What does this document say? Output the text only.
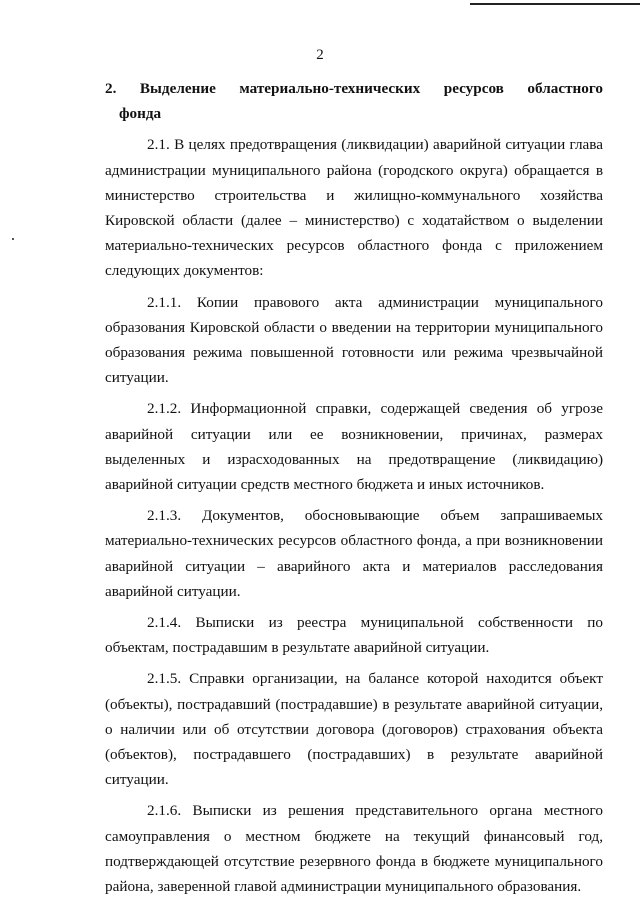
2
2. Выделение материально-технических ресурсов областного
фонда

2.1. В целях предотвращения (ликвидации) аварийной ситуации глава администрации муниципального района (городского округа) обращается в министерство строительства и жилищно-коммунального хозяйства Кировской области (далее – министерство) с ходатайством о выделении материально-технических ресурсов областного фонда с приложением следующих документов:

2.1.1. Копии правового акта администрации муниципального образования Кировской области о введении на территории муниципального образования режима повышенной готовности или режима чрезвычайной ситуации.

2.1.2. Информационной справки, содержащей сведения об угрозе аварийной ситуации или ее возникновении, причинах, размерах выделенных и израсходованных на предотвращение (ликвидацию) аварийной ситуации средств местного бюджета и иных источников.

2.1.3. Документов, обосновывающие объем запрашиваемых материально-технических ресурсов областного фонда, а при возникновении аварийной ситуации – аварийного акта и материалов расследования аварийной ситуации.

2.1.4. Выписки из реестра муниципальной собственности по объектам, пострадавшим в результате аварийной ситуации.

2.1.5. Справки организации, на балансе которой находится объект (объекты), пострадавший (пострадавшие) в результате аварийной ситуации, о наличии или об отсутствии договора (договоров) страхования объекта (объектов), пострадавшего (пострадавших) в результате аварийной ситуации.

2.1.6. Выписки из решения представительного органа местного самоуправления о местном бюджете на текущий финансовый год, подтверждающей отсутствие резервного фонда в бюджете муниципального района, заверенной главой администрации муниципального образования.
